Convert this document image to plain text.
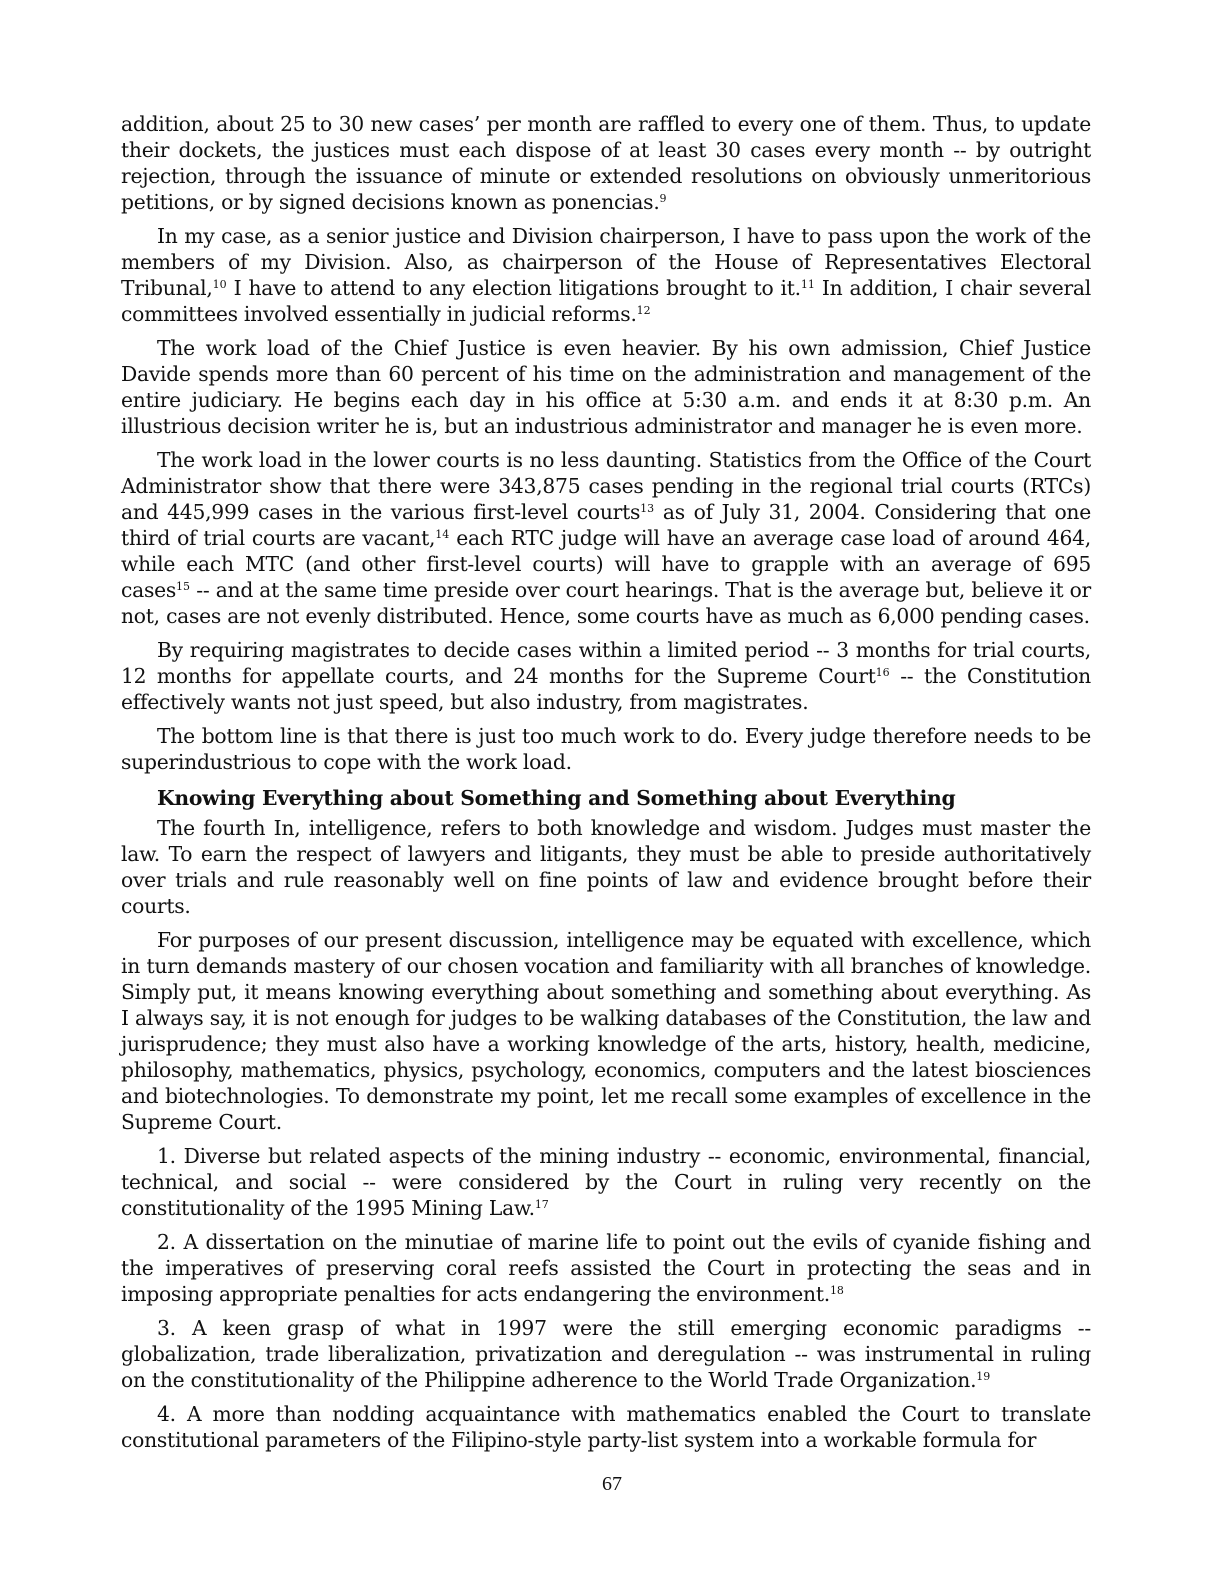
addition, about 25 to 30 new cases’ per month are raffled to every one of them. Thus, to update their dockets, the justices must each dispose of at least 30 cases every month -- by outright rejection, through the issuance of minute or extended resolutions on obviously unmeritorious petitions, or by signed decisions known as ponencias.$^9$

In my case, as a senior justice and Division chairperson, I have to pass upon the work of the members of my Division. Also, as chairperson of the House of Representatives Electoral Tribunal,$^{10}$ I have to attend to any election litigations brought to it.$^{11}$ In addition, I chair several committees involved essentially in judicial reforms.$^{12}$

The work load of the Chief Justice is even heavier. By his own admission, Chief Justice Davide spends more than 60 percent of his time on the administration and management of the entire judiciary. He begins each day in his office at 5:30 a.m. and ends it at 8:30 p.m. An illustrious decision writer he is, but an industrious administrator and manager he is even more.

The work load in the lower courts is no less daunting. Statistics from the Office of the Court Administrator show that there were 343,875 cases pending in the regional trial courts (RTCs) and 445,999 cases in the various first-level courts$^{13}$ as of July 31, 2004. Considering that one third of trial courts are vacant,$^{14}$ each RTC judge will have an average case load of around 464, while each MTC (and other first-level courts) will have to grapple with an average of 695 cases$^{15}$ -- and at the same time preside over court hearings. That is the average but, believe it or not, cases are not evenly distributed. Hence, some courts have as much as 6,000 pending cases.

By requiring magistrates to decide cases within a limited period -- 3 months for trial courts, 12 months for appellate courts, and 24 months for the Supreme Court$^{16}$ -- the Constitution effectively wants not just speed, but also industry, from magistrates.

The bottom line is that there is just too much work to do. Every judge therefore needs to be superindustrious to cope with the work load.

Knowing Everything about Something and Something about Everything

The fourth In, intelligence, refers to both knowledge and wisdom. Judges must master the law. To earn the respect of lawyers and litigants, they must be able to preside authoritatively over trials and rule reasonably well on fine points of law and evidence brought before their courts.

For purposes of our present discussion, intelligence may be equated with excellence, which in turn demands mastery of our chosen vocation and familiarity with all branches of knowledge. Simply put, it means knowing everything about something and something about everything. As I always say, it is not enough for judges to be walking databases of the Constitution, the law and jurisprudence; they must also have a working knowledge of the arts, history, health, medicine, philosophy, mathematics, physics, psychology, economics, computers and the latest biosciences and biotechnologies. To demonstrate my point, let me recall some examples of excellence in the Supreme Court.

1. Diverse but related aspects of the mining industry -- economic, environmental, financial, technical, and social -- were considered by the Court in ruling very recently on the constitutionality of the 1995 Mining Law.$^{17}$

2. A dissertation on the minutiae of marine life to point out the evils of cyanide fishing and the imperatives of preserving coral reefs assisted the Court in protecting the seas and in imposing appropriate penalties for acts endangering the environment.$^{18}$

3. A keen grasp of what in 1997 were the still emerging economic paradigms -- globalization, trade liberalization, privatization and deregulation -- was instrumental in ruling on the constitutionality of the Philippine adherence to the World Trade Organization.$^{19}$

4. A more than nodding acquaintance with mathematics enabled the Court to translate constitutional parameters of the Filipino-style party-list system into a workable formula for

67
